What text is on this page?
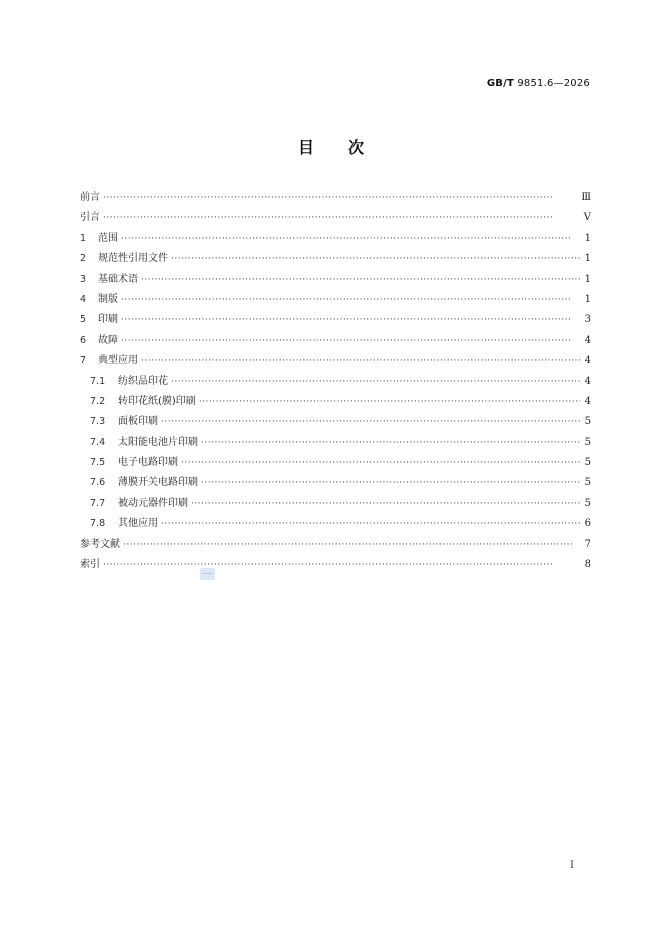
GB/T 9851.6—2026
目 次
前言 ·····	Ⅲ
引言 ·····	Ⅴ
1	范围 ·····	1
2	规范性引用文件 ·····	1
3	基础术语 ·····	1
4	制版 ·····	1
5	印刷 ·····	3
6	故障 ·····	4
7	典型应用 ·····	4
7.1	纺织品印花 ·····	4
7.2	转印花纸(膜)印刷 ·····	4
7.3	面板印刷 ·····	5
7.4	太阳能电池片印刷 ·····	5
7.5	电子电路印刷 ·····	5
7.6	薄膜开关电路印刷 ·····	5
7.7	被动元器件印刷 ·····	5
7.8	其他应用 ·····	6
参考文献 ·····	7
索引 ·····	8
Ⅰ
